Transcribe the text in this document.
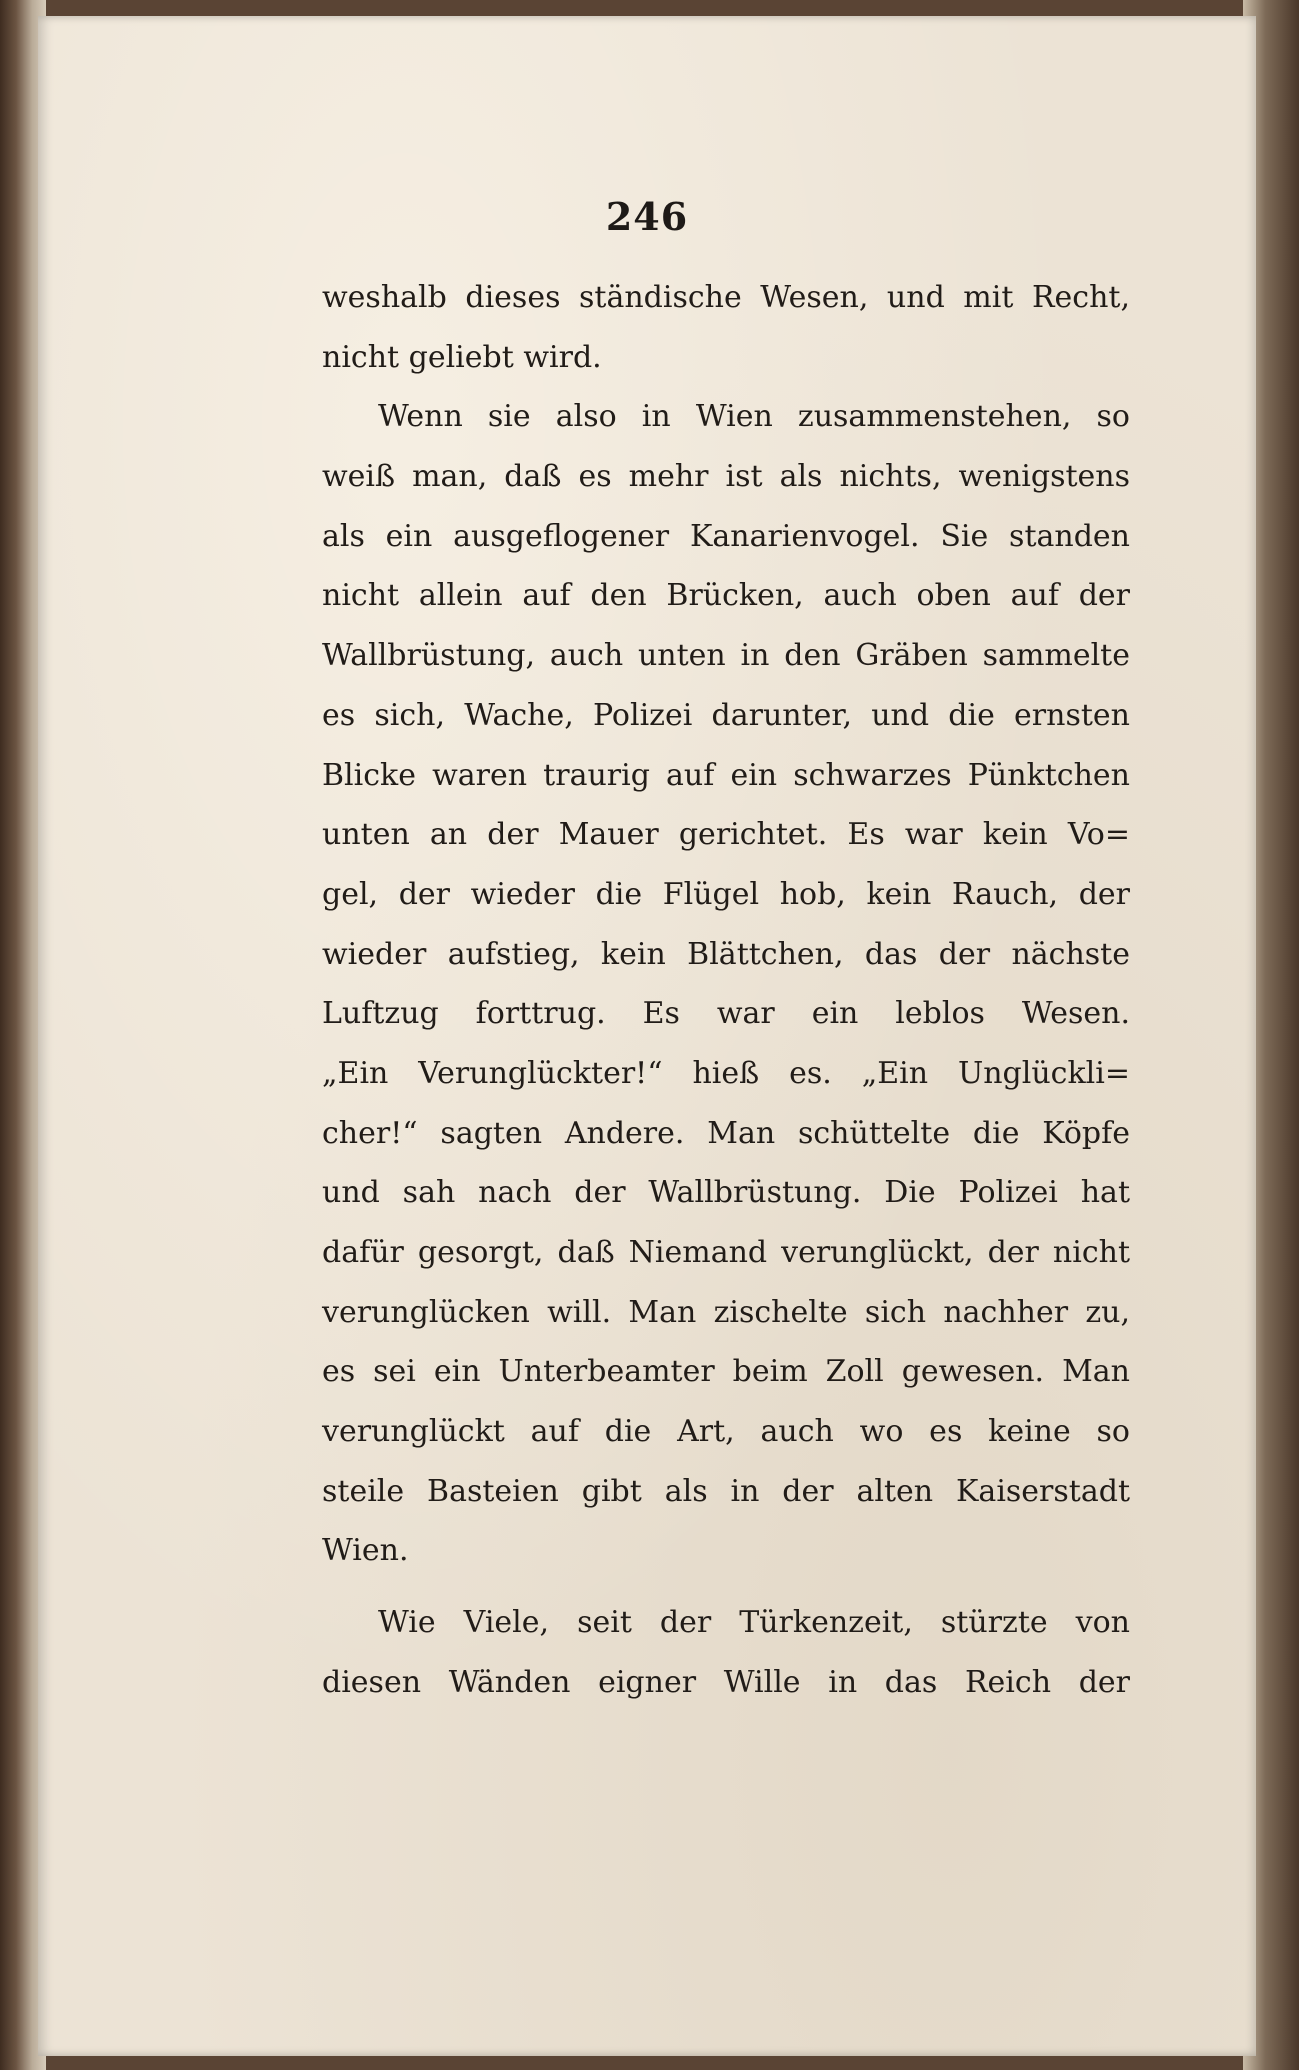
246
weshalb dieses ständische Wesen, und mit Recht,
nicht geliebt wird.
Wenn sie also in Wien zusammenstehen, so
weiß man, daß es mehr ist als nichts, wenigstens
als ein ausgeflogener Kanarienvogel. Sie standen
nicht allein auf den Brücken, auch oben auf der
Wallbrüstung, auch unten in den Gräben sammelte
es sich, Wache, Polizei darunter, und die ernsten
Blicke waren traurig auf ein schwarzes Pünktchen
unten an der Mauer gerichtet. Es war kein Vo=
gel, der wieder die Flügel hob, kein Rauch, der
wieder aufstieg, kein Blättchen, das der nächste
Luftzug forttrug. Es war ein leblos Wesen.
„Ein Verunglückter!“ hieß es. „Ein Unglückli=
cher!“ sagten Andere. Man schüttelte die Köpfe
und sah nach der Wallbrüstung. Die Polizei hat
dafür gesorgt, daß Niemand verunglückt, der nicht
verunglücken will. Man zischelte sich nachher zu,
es sei ein Unterbeamter beim Zoll gewesen. Man
verunglückt auf die Art, auch wo es keine so
steile Basteien gibt als in der alten Kaiserstadt
Wien.
Wie Viele, seit der Türkenzeit, stürzte von
diesen Wänden eigner Wille in das Reich der
